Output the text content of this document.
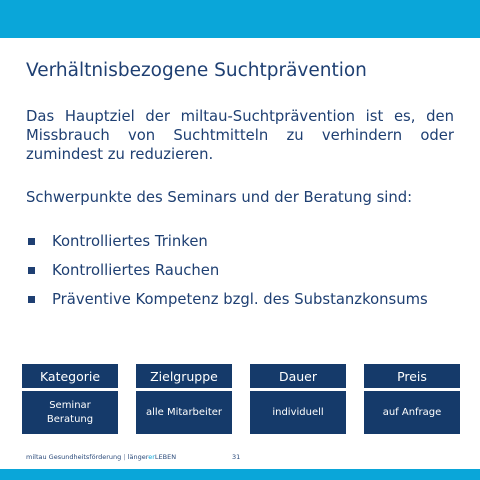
Verhältnisbezogene Suchtprävention
Das Hauptziel der miltau-Suchtprävention ist es, den Missbrauch von Suchtmitteln zu verhindern oder zumindest zu reduzieren.
Schwerpunkte des Seminars und der Beratung sind:
Kontrolliertes Trinken
Kontrolliertes Rauchen
Präventive Kompetenz bzgl. des Substanzkonsums
Kategorie
Seminar
Beratung
Zielgruppe
alle Mitarbeiter
Dauer
individuell
Preis
auf Anfrage
miltau Gesundheitsförderung | längererLEBEN	31
